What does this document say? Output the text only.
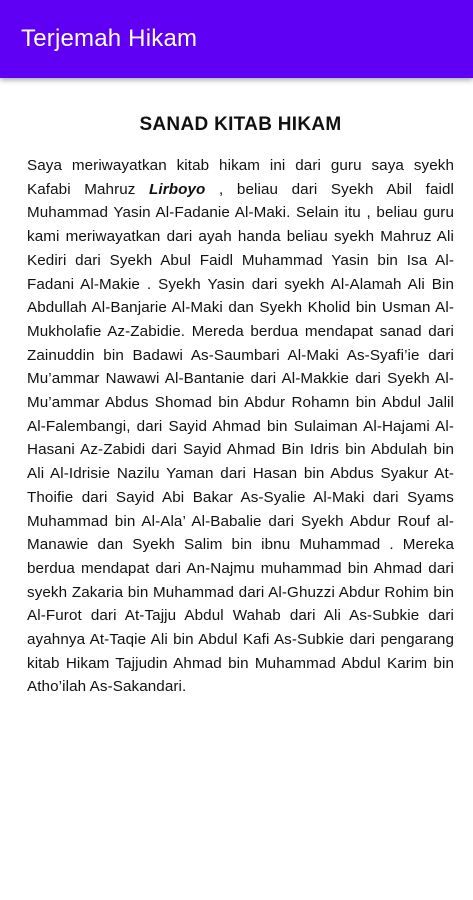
Terjemah Hikam
SANAD KITAB HIKAM

Saya meriwayatkan kitab hikam ini dari guru saya syekh Kafabi Mahruz Lirboyo , beliau dari Syekh Abil faidl Muhammad Yasin Al-Fadanie Al-Maki. Selain itu , beliau guru kami meriwayatkan dari ayah handa beliau syekh Mahruz Ali Kediri dari Syekh Abul Faidl Muhammad Yasin bin Isa Al-Fadani Al-Makie . Syekh Yasin dari syekh Al-Alamah Ali Bin Abdullah Al-Banjarie Al-Maki dan Syekh Kholid bin Usman Al-Mukholafie Az-Zabidie. Mereda berdua mendapat sanad dari Zainuddin bin Badawi As-Saumbari Al-Maki As-Syafi’ie dari Mu’ammar Nawawi Al-Bantanie dari Al-Makkie dari Syekh Al-Mu’ammar Abdus Shomad bin Abdur Rohamn bin Abdul Jalil Al-Falembangi, dari Sayid Ahmad bin Sulaiman Al-Hajami Al-Hasani Az-Zabidi dari Sayid Ahmad Bin Idris bin Abdulah bin Ali Al-Idrisie Nazilu Yaman dari Hasan bin Abdus Syakur At-Thoifie dari Sayid Abi Bakar As-Syalie Al-Maki dari Syams Muhammad bin Al-Ala’ Al-Babalie dari Syekh Abdur Rouf al-Manawie dan Syekh Salim bin ibnu Muhammad . Mereka berdua mendapat dari An-Najmu muhammad bin Ahmad dari syekh Zakaria bin Muhammad dari Al-Ghuzzi Abdur Rohim bin Al-Furot dari At-Tajju Abdul Wahab dari Ali As-Subkie dari ayahnya At-Taqie Ali bin Abdul Kafi As-Subkie dari pengarang kitab Hikam Tajjudin Ahmad bin Muhammad Abdul Karim bin Atho’ilah As-Sakandari.
